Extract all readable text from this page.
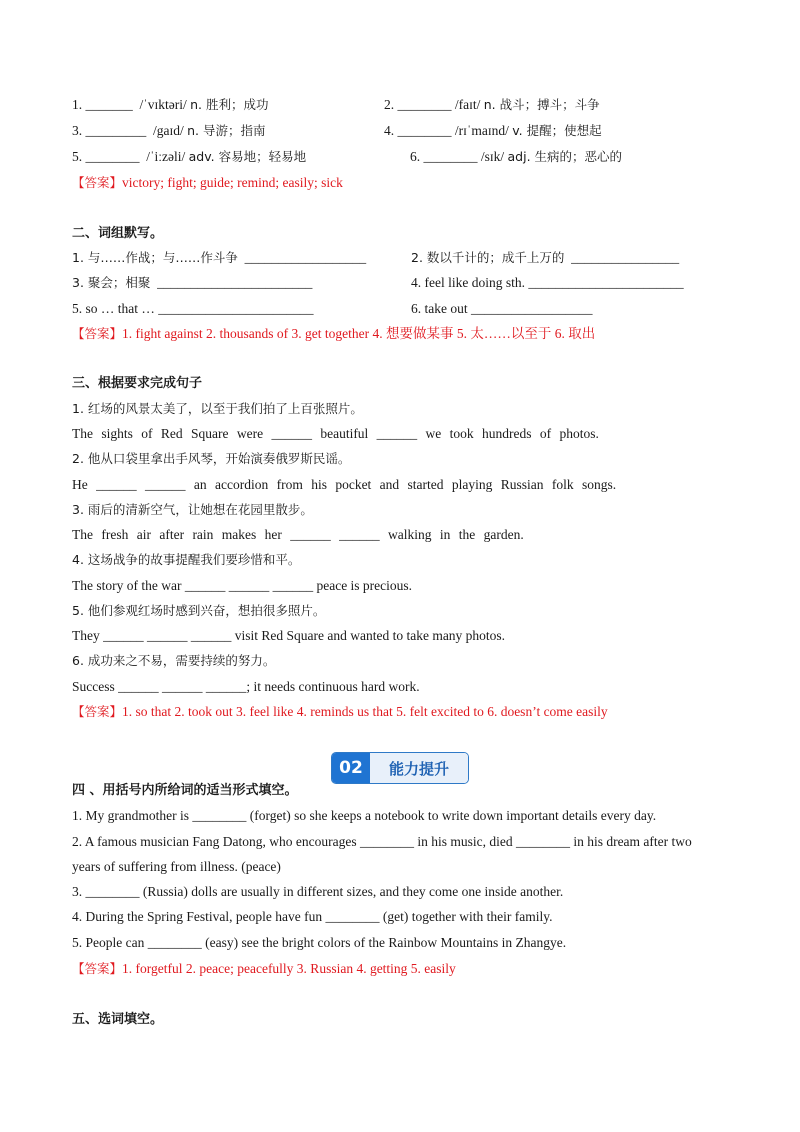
1. _______ /ˈvɪktəri/ n. 胜利；成功	2. ________ /faɪt/ n. 战斗；搏斗；斗争
3. _________ /gaɪd/ n. 导游；指南	4. ________ /rɪˈmaɪnd/ v. 提醒；使想起
5. ________ /ˈiːzəli/ adv. 容易地；轻易地	6. ________ /sɪk/ adj. 生病的；恶心的
【答案】victory; fight; guide; remind; easily; sick
二、词组默写。
1. 与……作战；与……作斗争 __________________	2. 数以千计的；成千上万的 ________________
3. 聚会；相聚 _______________________	4. feel like doing sth. _______________________
5. so … that … _______________________	6. take out __________________
【答案】1. fight against 2. thousands of 3. get together 4. 想要做某事 5. 太……以至于 6. 取出
三、根据要求完成句子
1. 红场的风景太美了，以至于我们拍了上百张照片。
The sights of Red Square were ______ beautiful ______ we took hundreds of photos.
2. 他从口袋里拿出手风琴，开始演奏俄罗斯民谣。
He ______ ______ an accordion from his pocket and started playing Russian folk songs.
3. 雨后的清新空气，让她想在花园里散步。
The fresh air after rain makes her ______ ______ walking in the garden.
4. 这场战争的故事提醒我们要珍惜和平。
The story of the war ______ ______ ______ peace is precious.
5. 他们参观红场时感到兴奋，想拍很多照片。
They ______ ______ ______ visit Red Square and wanted to take many photos.
6. 成功来之不易，需要持续的努力。
Success ______ ______ ______; it needs continuous hard work.
【答案】1. so that 2. took out 3. feel like 4. reminds us that 5. felt excited to 6. doesn’t come easily
02	能力提升
四 、用括号内所给词的适当形式填空。
1. My grandmother is ________ (forget) so she keeps a notebook to write down important details every day.
2. A famous musician Fang Datong, who encourages ________ in his music, died ________ in his dream after two
years of suffering from illness. (peace)
3. ________ (Russia) dolls are usually in different sizes, and they come one inside another.
4. During the Spring Festival, people have fun ________ (get) together with their family.
5. People can ________ (easy) see the bright colors of the Rainbow Mountains in Zhangye.
【答案】1. forgetful 2. peace; peacefully 3. Russian 4. getting 5. easily
五、选词填空。
